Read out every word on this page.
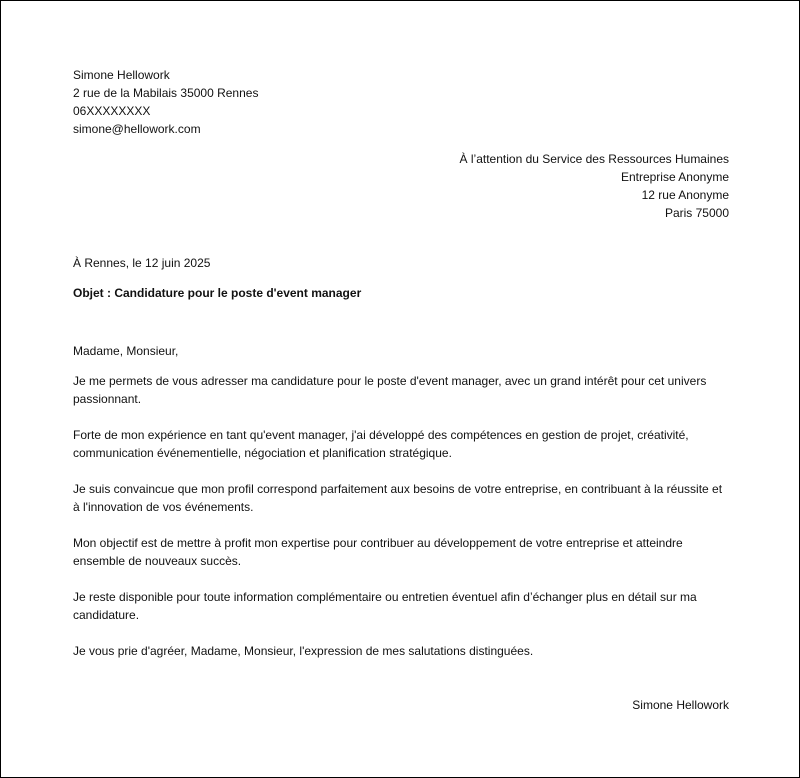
Simone Hellowork
2 rue de la Mabilais 35000 Rennes
06XXXXXXXX
simone@hellowork.com
À l’attention du Service des Ressources Humaines
Entreprise Anonyme
12 rue Anonyme
Paris 75000
À Rennes, le 12 juin 2025
Objet : Candidature pour le poste d'event manager
Madame, Monsieur,
Je me permets de vous adresser ma candidature pour le poste d'event manager, avec un grand intérêt pour cet univers passionnant.
Forte de mon expérience en tant qu'event manager, j'ai développé des compétences en gestion de projet, créativité, communication événementielle, négociation et planification stratégique.
Je suis convaincue que mon profil correspond parfaitement aux besoins de votre entreprise, en contribuant à la réussite et à l'innovation de vos événements.
Mon objectif est de mettre à profit mon expertise pour contribuer au développement de votre entreprise et atteindre ensemble de nouveaux succès.
Je reste disponible pour toute information complémentaire ou entretien éventuel afin d’échanger plus en détail sur ma candidature.
Je vous prie d'agréer, Madame, Monsieur, l'expression de mes salutations distinguées.
Simone Hellowork
